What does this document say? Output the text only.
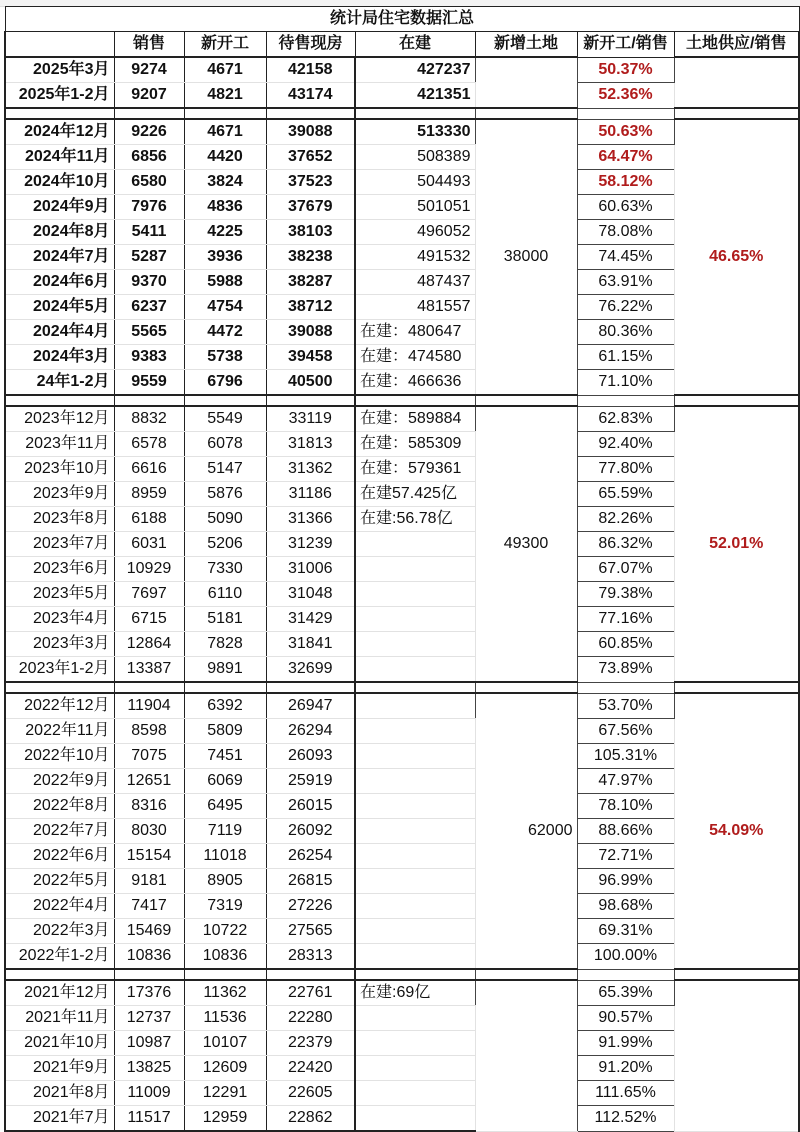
统计局住宅数据汇总							
	销售	新开工	待售现房	在建	新增土地	新开工/销售	土地供应/销售
2025年3月	9274	4671	42158	427237		50.37%	
2025年1-2月	9207	4821	43174	421351		52.36%	

2024年12月	9226	4671	39088	513330	38000	50.63%	46.65%
2024年11月	6856	4420	37652	508389		64.47%	
2024年10月	6580	3824	37523	504493		58.12%	
2024年9月	7976	4836	37679	501051		60.63%	
2024年8月	5411	4225	38103	496052		78.08%	
2024年7月	5287	3936	38238	491532		74.45%	
2024年6月	9370	5988	38287	487437		63.91%	
2024年5月	6237	4754	38712	481557		76.22%	
2024年4月	5565	4472	39088	在建：480647		80.36%	
2024年3月	9383	5738	39458	在建：474580		61.15%	
24年1-2月	9559	6796	40500	在建：466636		71.10%	

2023年12月	8832	5549	33119	在建：589884	49300	62.83%	52.01%
2023年11月	6578	6078	31813	在建：585309		92.40%	
2023年10月	6616	5147	31362	在建：579361		77.80%	
2023年9月	8959	5876	31186	在建57.425亿		65.59%	
2023年8月	6188	5090	31366	在建:56.78亿		82.26%	
2023年7月	6031	5206	31239			86.32%	
2023年6月	10929	7330	31006			67.07%	
2023年5月	7697	6110	31048			79.38%	
2023年4月	6715	5181	31429			77.16%	
2023年3月	12864	7828	31841			60.85%	
2023年1-2月	13387	9891	32699			73.89%	

2022年12月	11904	6392	26947		62000	53.70%	54.09%
2022年11月	8598	5809	26294			67.56%	
2022年10月	7075	7451	26093			105.31%	
2022年9月	12651	6069	25919			47.97%	
2022年8月	8316	6495	26015			78.10%	
2022年7月	8030	7119	26092			88.66%	
2022年6月	15154	11018	26254			72.71%	
2022年5月	9181	8905	26815			96.99%	
2022年4月	7417	7319	27226			98.68%	
2022年3月	15469	10722	27565			69.31%	
2022年1-2月	10836	10836	28313			100.00%	

2021年12月	17376	11362	22761	在建:69亿		65.39%	
2021年11月	12737	11536	22280			90.57%	
2021年10月	10987	10107	22379			91.99%	
2021年9月	13825	12609	22420			91.20%	
2021年8月	11009	12291	22605			111.65%	
2021年7月	11517	12959	22862			112.52%	
